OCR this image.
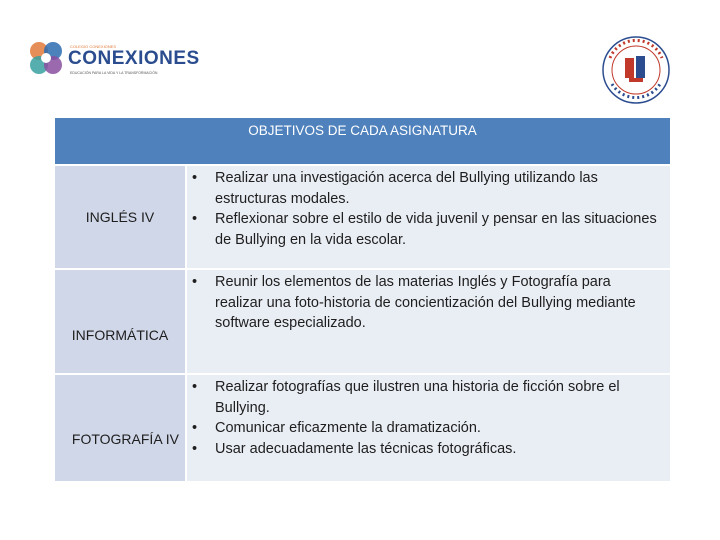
COLEGIO CONEXIONES
CONEXIONES
EDUCACIÓN PARA LA VIDA Y LA TRANSFORMACIÓN
OBJETIVOS DE CADA ASIGNATURA
INGLÉS IV
• Realizar una investigación acerca del Bullying utilizando las estructuras modales.
• Reflexionar sobre el estilo de vida juvenil y pensar en las situaciones de Bullying en la vida escolar.
INFORMÁTICA
• Reunir los elementos de las materias Inglés y Fotografía para realizar una foto-historia de concientización del Bullying mediante software especializado.
FOTOGRAFÍA IV
• Realizar fotografías que ilustren una historia de ficción sobre el Bullying.
• Comunicar eficazmente la dramatización.
• Usar adecuadamente las técnicas fotográficas.
